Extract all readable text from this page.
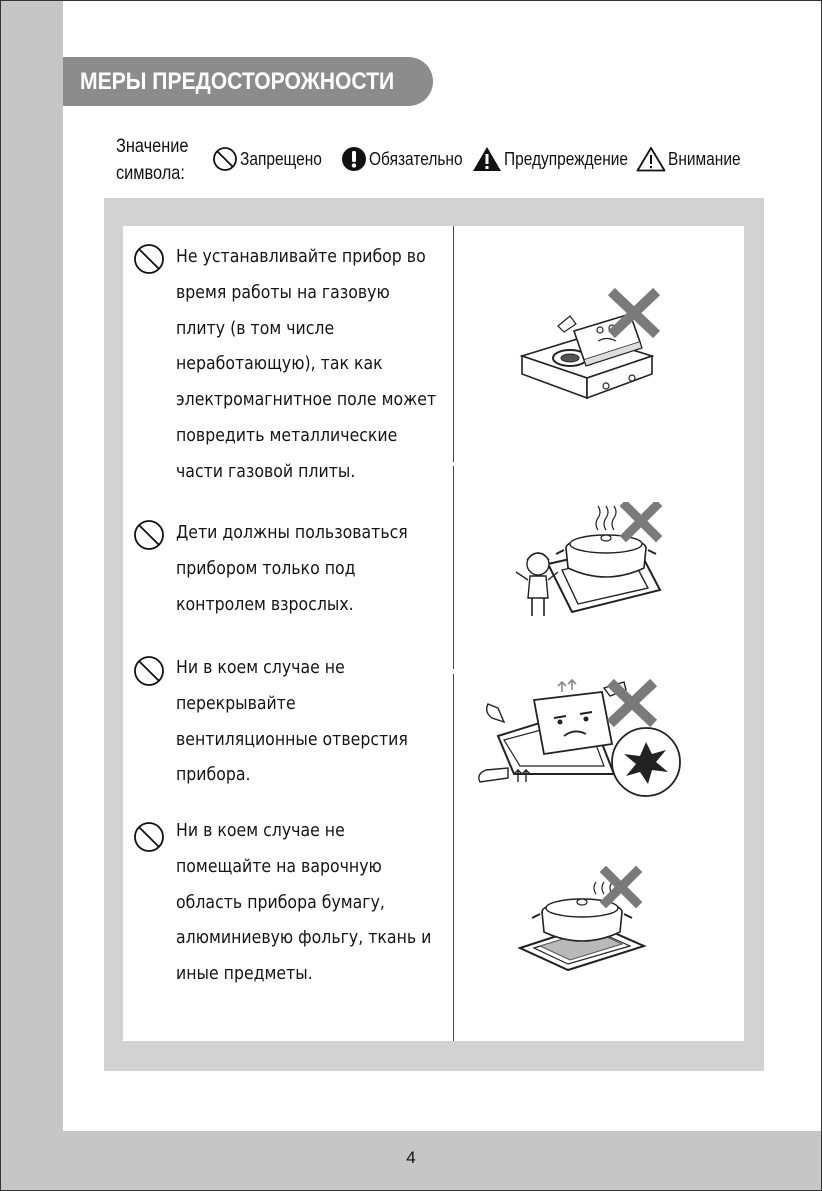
МЕРЫ ПРЕДОСТОРОЖНОСТИ
Значение
символа:
Запрещено	Обязательно Предупреждение Внимание
Не устанавливайте прибор во
время работы на газовую
плиту (в том числе
неработающую), так как
электромагнитное поле может
повредить металлические
части газовой плиты.
Дети должны пользоваться
прибором только под
контролем взрослых.
Ни в коем случае не
перекрывайте
вентиляционные отверстия
прибора.
Ни в коем случае не
помещайте на варочную
область прибора бумагу,
алюминиевую фольгу, ткань и
иные предметы.
4
